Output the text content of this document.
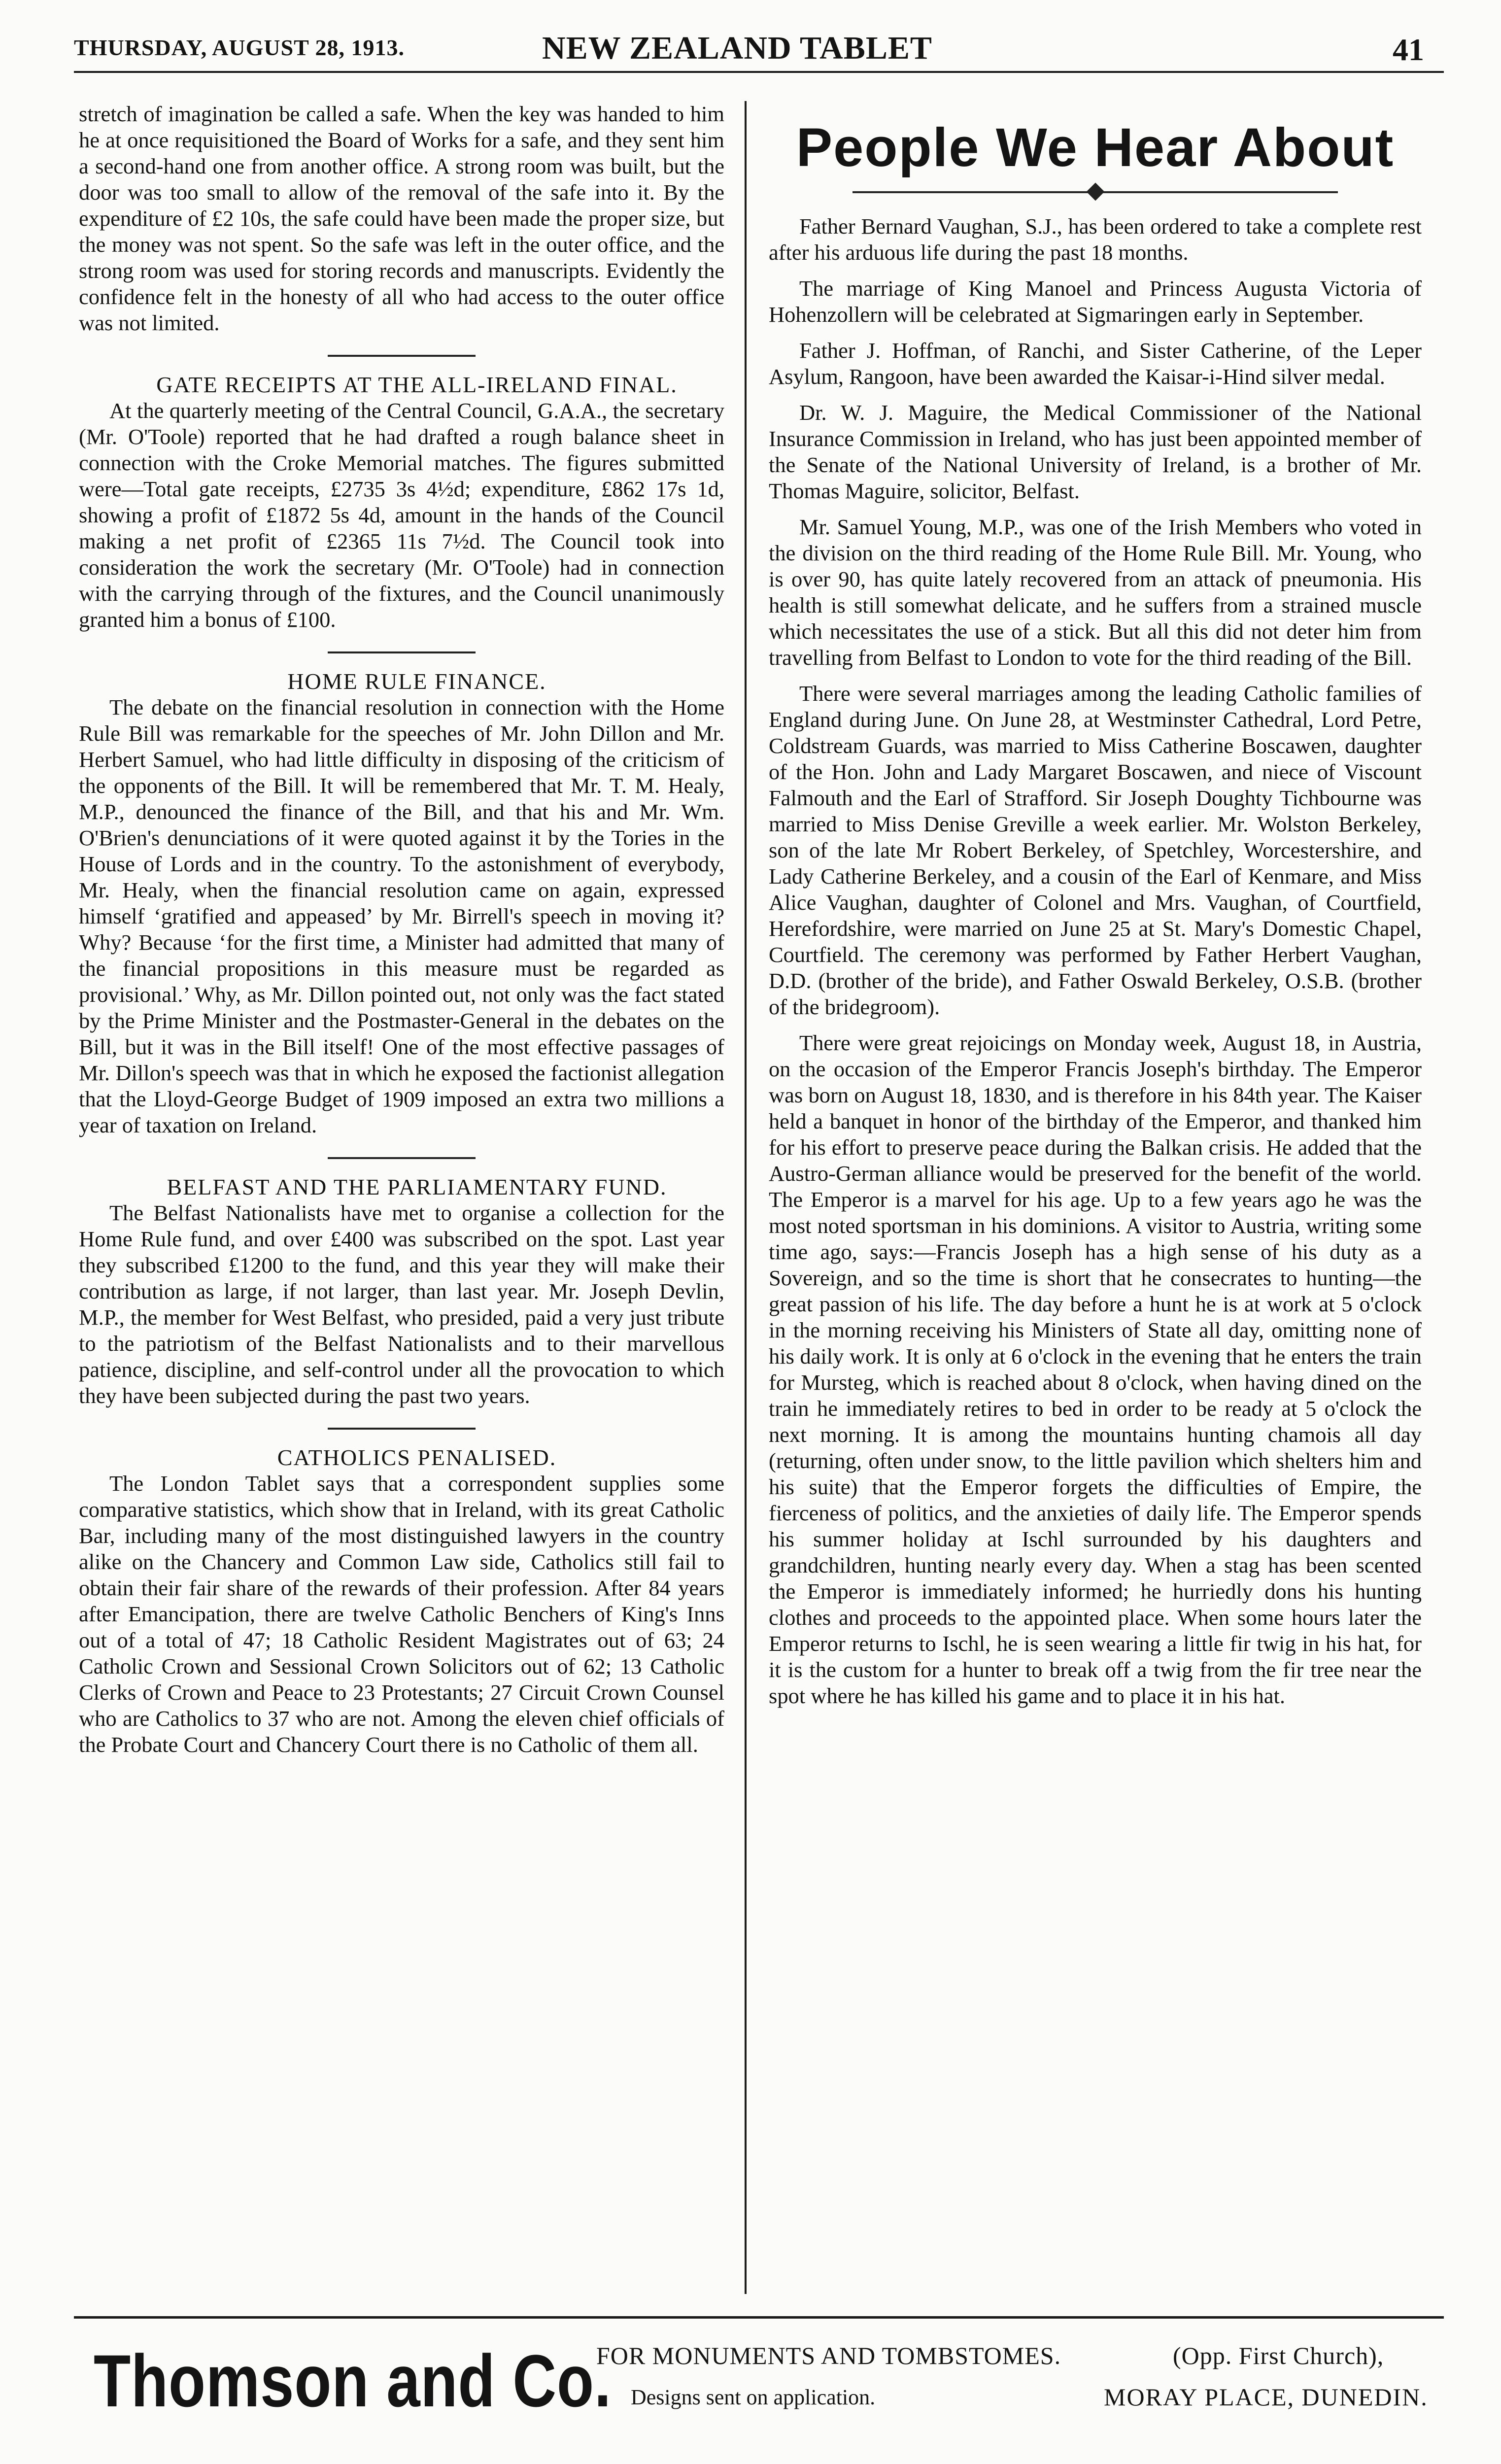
THURSDAY, AUGUST 28, 1913.	NEW ZEALAND TABLET	41

stretch of imagination be called a safe. When the key was handed to him he at once requisitioned the Board of Works for a safe, and they sent him a second-hand one from another office. A strong room was built, but the door was too small to allow of the removal of the safe into it. By the expenditure of £2 10s, the safe could have been made the proper size, but the money was not spent. So the safe was left in the outer office, and the strong room was used for storing records and manuscripts. Evidently the confidence felt in the honesty of all who had access to the outer office was not limited.

GATE RECEIPTS AT THE ALL-IRELAND FINAL.

At the quarterly meeting of the Central Council, G.A.A., the secretary (Mr. O'Toole) reported that he had drafted a rough balance sheet in connection with the Croke Memorial matches. The figures submitted were—Total gate receipts, £2735 3s 4½d; expenditure, £862 17s 1d, showing a profit of £1872 5s 4d, amount in the hands of the Council making a net profit of £2365 11s 7½d. The Council took into consideration the work the secretary (Mr. O'Toole) had in connection with the carrying through of the fixtures, and the Council unanimously granted him a bonus of £100.

HOME RULE FINANCE.

The debate on the financial resolution in connection with the Home Rule Bill was remarkable for the speeches of Mr. John Dillon and Mr. Herbert Samuel, who had little difficulty in disposing of the criticism of the opponents of the Bill. It will be remembered that Mr. T. M. Healy, M.P., denounced the finance of the Bill, and that his and Mr. Wm. O'Brien's denunciations of it were quoted against it by the Tories in the House of Lords and in the country. To the astonishment of everybody, Mr. Healy, when the financial resolution came on again, expressed himself ‘gratified and appeased’ by Mr. Birrell's speech in moving it? Why? Because ‘for the first time, a Minister had admitted that many of the financial propositions in this measure must be regarded as provisional.’ Why, as Mr. Dillon pointed out, not only was the fact stated by the Prime Minister and the Postmaster-General in the debates on the Bill, but it was in the Bill itself! One of the most effective passages of Mr. Dillon's speech was that in which he exposed the factionist allegation that the Lloyd-George Budget of 1909 imposed an extra two millions a year of taxation on Ireland.

BELFAST AND THE PARLIAMENTARY FUND.

The Belfast Nationalists have met to organise a collection for the Home Rule fund, and over £400 was subscribed on the spot. Last year they subscribed £1200 to the fund, and this year they will make their contribution as large, if not larger, than last year. Mr. Joseph Devlin, M.P., the member for West Belfast, who presided, paid a very just tribute to the patriotism of the Belfast Nationalists and to their marvellous patience, discipline, and self-control under all the provocation to which they have been subjected during the past two years.

CATHOLICS PENALISED.

The London Tablet says that a correspondent supplies some comparative statistics, which show that in Ireland, with its great Catholic Bar, including many of the most distinguished lawyers in the country alike on the Chancery and Common Law side, Catholics still fail to obtain their fair share of the rewards of their profession. After 84 years after Emancipation, there are twelve Catholic Benchers of King's Inns out of a total of 47; 18 Catholic Resident Magistrates out of 63; 24 Catholic Crown and Sessional Crown Solicitors out of 62; 13 Catholic Clerks of Crown and Peace to 23 Protestants; 27 Circuit Crown Counsel who are Catholics to 37 who are not. Among the eleven chief officials of the Probate Court and Chancery Court there is no Catholic of them all.

People We Hear About

Father Bernard Vaughan, S.J., has been ordered to take a complete rest after his arduous life during the past 18 months.

The marriage of King Manoel and Princess Augusta Victoria of Hohenzollern will be celebrated at Sigmaringen early in September.

Father J. Hoffman, of Ranchi, and Sister Catherine, of the Leper Asylum, Rangoon, have been awarded the Kaisar-i-Hind silver medal.

Dr. W. J. Maguire, the Medical Commissioner of the National Insurance Commission in Ireland, who has just been appointed member of the Senate of the National University of Ireland, is a brother of Mr. Thomas Maguire, solicitor, Belfast.

Mr. Samuel Young, M.P., was one of the Irish Members who voted in the division on the third reading of the Home Rule Bill. Mr. Young, who is over 90, has quite lately recovered from an attack of pneumonia. His health is still somewhat delicate, and he suffers from a strained muscle which necessitates the use of a stick. But all this did not deter him from travelling from Belfast to London to vote for the third reading of the Bill.

There were several marriages among the leading Catholic families of England during June. On June 28, at Westminster Cathedral, Lord Petre, Coldstream Guards, was married to Miss Catherine Boscawen, daughter of the Hon. John and Lady Margaret Boscawen, and niece of Viscount Falmouth and the Earl of Strafford. Sir Joseph Doughty Tichbourne was married to Miss Denise Greville a week earlier. Mr. Wolston Berkeley, son of the late Mr Robert Berkeley, of Spetchley, Worcestershire, and Lady Catherine Berkeley, and a cousin of the Earl of Kenmare, and Miss Alice Vaughan, daughter of Colonel and Mrs. Vaughan, of Courtfield, Herefordshire, were married on June 25 at St. Mary's Domestic Chapel, Courtfield. The ceremony was performed by Father Herbert Vaughan, D.D. (brother of the bride), and Father Oswald Berkeley, O.S.B. (brother of the bridegroom).

There were great rejoicings on Monday week, August 18, in Austria, on the occasion of the Emperor Francis Joseph's birthday. The Emperor was born on August 18, 1830, and is therefore in his 84th year. The Kaiser held a banquet in honor of the birthday of the Emperor, and thanked him for his effort to preserve peace during the Balkan crisis. He added that the Austro-German alliance would be preserved for the benefit of the world. The Emperor is a marvel for his age. Up to a few years ago he was the most noted sportsman in his dominions. A visitor to Austria, writing some time ago, says:—Francis Joseph has a high sense of his duty as a Sovereign, and so the time is short that he consecrates to hunting—the great passion of his life. The day before a hunt he is at work at 5 o'clock in the morning receiving his Ministers of State all day, omitting none of his daily work. It is only at 6 o'clock in the evening that he enters the train for Mursteg, which is reached about 8 o'clock, when having dined on the train he immediately retires to bed in order to be ready at 5 o'clock the next morning. It is among the mountains hunting chamois all day (returning, often under snow, to the little pavilion which shelters him and his suite) that the Emperor forgets the difficulties of Empire, the fierceness of politics, and the anxieties of daily life. The Emperor spends his summer holiday at Ischl surrounded by his daughters and grandchildren, hunting nearly every day. When a stag has been scented the Emperor is immediately informed; he hurriedly dons his hunting clothes and proceeds to the appointed place. When some hours later the Emperor returns to Ischl, he is seen wearing a little fir twig in his hat, for it is the custom for a hunter to break off a twig from the fir tree near the spot where he has killed his game and to place it in his hat.

Thomson and Co.
FOR MONUMENTS AND TOMBSTOMES.	(Opp. First Church),
Designs sent on application.	MORAY PLACE, DUNEDIN.
